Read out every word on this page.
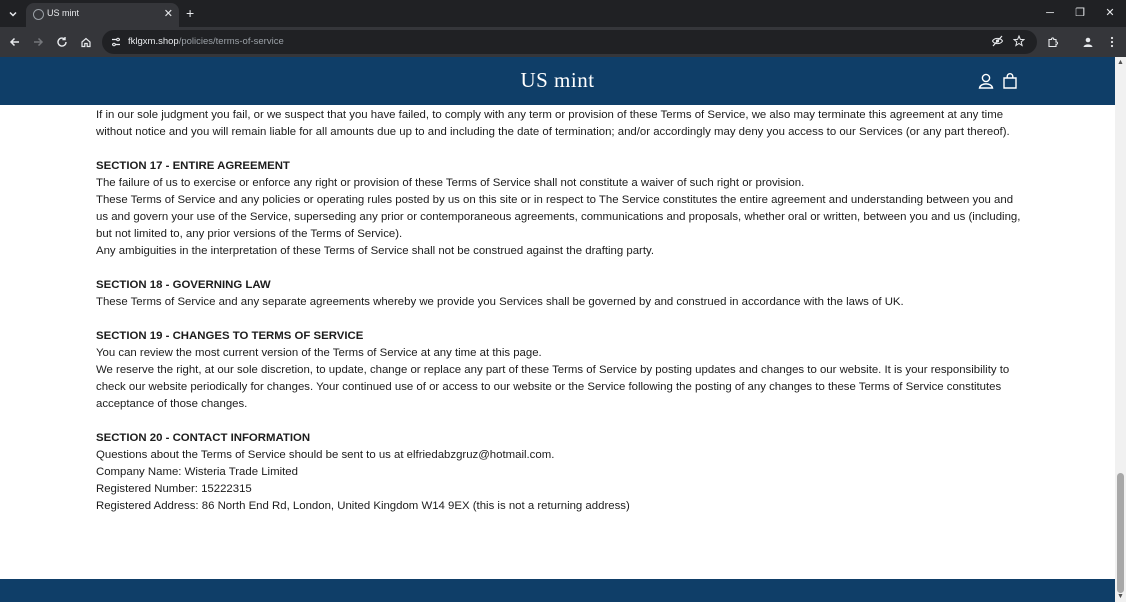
US mint	✕ +	─	❐	✕
fklgxm.shop/policies/terms-of-service
US mint

If in our sole judgment you fail, or we suspect that you have failed, to comply with any term or provision of these Terms of Service, we also may terminate this agreement at any time without notice and you will remain liable for all amounts due up to and including the date of termination; and/or accordingly may deny you access to our Services (or any part thereof).

SECTION 17 - ENTIRE AGREEMENT

The failure of us to exercise or enforce any right or provision of these Terms of Service shall not constitute a waiver of such right or provision.

These Terms of Service and any policies or operating rules posted by us on this site or in respect to The Service constitutes the entire agreement and understanding between you and us and govern your use of the Service, superseding any prior or contemporaneous agreements, communications and proposals, whether oral or written, between you and us (including, but not limited to, any prior versions of the Terms of Service).

Any ambiguities in the interpretation of these Terms of Service shall not be construed against the drafting party.

SECTION 18 - GOVERNING LAW

These Terms of Service and any separate agreements whereby we provide you Services shall be governed by and construed in accordance with the laws of UK.

SECTION 19 - CHANGES TO TERMS OF SERVICE

You can review the most current version of the Terms of Service at any time at this page.

We reserve the right, at our sole discretion, to update, change or replace any part of these Terms of Service by posting updates and changes to our website. It is your responsibility to check our website periodically for changes. Your continued use of or access to our website or the Service following the posting of any changes to these Terms of Service constitutes acceptance of those changes.

SECTION 20 - CONTACT INFORMATION

Questions about the Terms of Service should be sent to us at elfriedabzgruz@hotmail.com.

Company Name: Wisteria Trade Limited

Registered Number: 15222315

Registered Address: 86 North End Rd, London, United Kingdom W14 9EX (this is not a returning address)

▲
▼
